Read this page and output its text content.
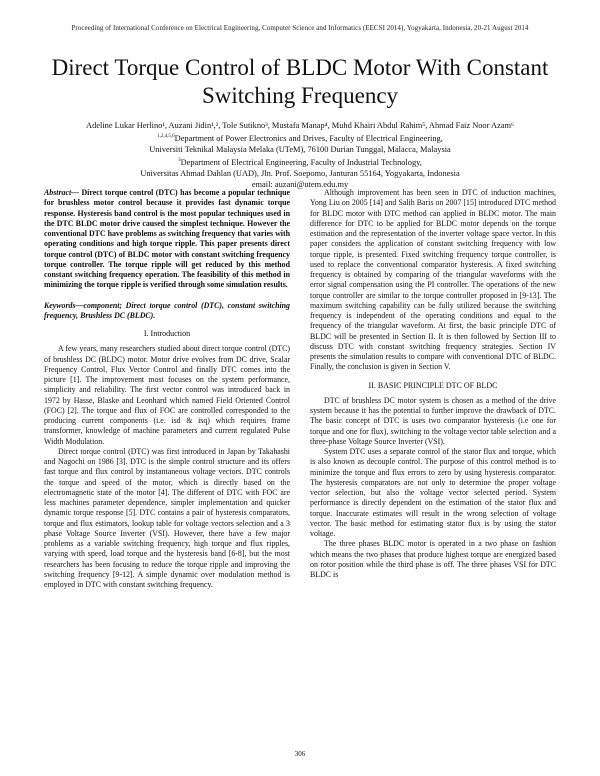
Proceeding of International Conference on Electrical Engineering, Computer Science and Informatics (EECSI 2014), Yogyakarta, Indonesia, 20-21 August 2014
Direct Torque Control of BLDC Motor With Constant Switching Frequency
Adeline Lukar Herlino¹, Auzani Jidin¹,², Tole Sutikno³, Mustafa Manap⁴, Muhd Khairi Abdul Rahim⁵, Ahmad Faiz Noor Azam⁶
$^{1,2,4,5,6}$Department of Power Electronics and Drives, Faculty of Electrical Engineering,
Universiti Teknikal Malaysia Melaka (UTeM), 76100 Durian Tunggal, Malacca, Malaysia
$^3$Department of Electrical Engineering, Faculty of Industrial Technology,
Universitas Ahmad Dahlan (UAD), Jln. Prof. Soepomo, Janturan 55164, Yogyakarta, Indonesia
email: auzani@utem.edu.my

Abstract— Direct torque control (DTC) has become a popular technique for brushless motor control because it provides fast dynamic torque response. Hysteresis band control is the most popular techniques used in the DTC BLDC motor drive caused the simplest technique. However the conventional DTC have problems as switching frequency that varies with operating conditions and high torque ripple. This paper presents direct torque control (DTC) of BLDC motor with constant switching frequency torque controller. The torque ripple will get reduced by this method constant switching frequency operation. The feasibility of this method in minimizing the torque ripple is verified through some simulation results.

Keywords—component; Direct torque control (DTC), constant switching frequency, Brushless DC (BLDC).

I. Introduction

A few years, many researchers studied about direct torque control (DTC) of brushless DC (BLDC) motor. Motor drive evolves from DC drive, Scalar Frequency Control, Flux Vector Control and finally DTC comes into the picture [1]. The improvement most focuses on the system performance, simplicity and reliability. The first vector control was introduced back in 1972 by Hasse, Blaske and Leonhard which named Field Oriented Control (FOC) [2]. The torque and flux of FOC are controlled corresponded to the producing current components (i.e. isd & isq) which requires frame transformer, knowledge of machine parameters and current regulated Pulse Width Modulation.

Direct torque control (DTC) was first introduced in Japan by Takahashi and Nagochi on 1986 [3]. DTC is the simple control structure and its offers fast torque and flux control by instantaneous voltage vectors. DTC controls the torque and speed of the motor, which is directly based on the electromagnetic state of the motor [4]. The different of DTC with FOC are less machines parameter dependence, simpler implementation and quicker dynamic torque response [5]. DTC contains a pair of hysteresis comparators, torque and flux estimators, lookup table for voltage vectors selection and a 3 phase Voltage Source Inverter (VSI). However, there have a few major problems as a variable switching frequency, high torque and flux ripples, varying with speed, load torque and the hysteresis band [6-8], but the most researchers has been focusing to reduce the torque ripple and improving the switching frequency [9-12]. A simple dynamic over modulation method is employed in DTC with constant switching frequency.

Although improvement has been seen in DTC of induction machines, Yong Liu on 2005 [14] and Salih Baris on 2007 [15] introduced DTC method for BLDC motor with DTC method can applied in BLDC motor. The main difference for DTC to be applied for BLDC motor depends on the torque estimation and the representation of the inverter voltage space vector. In this paper considers the application of constant switching frequency with low torque ripple, is presented. Fixed switching frequency torque controller, is used to replace the conventional comparator hysteresis. A fixed switching frequency is obtained by comparing of the triangular waveforms with the error signal compensation using the PI controller. The operations of the new torque controller are similar to the torque controller proposed in [9-13]. The maximum switching capability can be fully utilized because the switching frequency is independent of the operating conditions and equal to the frequency of the triangular waveform. At first, the basic principle DTC of BLDC will be presented in Section II. It is then followed by Section III to discuss DTC with constant switching frequency strategies. Section IV presents the simulation results to compare with conventional DTC of BLDC. Finally, the conclusion is given in Section V.

II. BASIC PRINCIPLE DTC OF BLDC

DTC of brushless DC motor system is chosen as a method of the drive system because it has the potential to further improve the drawback of DTC. The basic concept of DTC is uses two comparator hysteresis (i.e one for torque and one for flux), switching to the voltage vector table selection and a three-phase Voltage Source Inverter (VSI).

System DTC uses a separate control of the stator flux and torque, which is also known as decouple control. The purpose of this control method is to minimize the torque and flux errors to zero by using hysteresis comparator. The hysteresis comparators are not only to determine the proper voltage vector selection, but also the voltage vector selected period. System performance is directly dependent on the estimation of the stator flux and torque. Inaccurate estimates will result in the wrong selection of voltage vector. The basic method for estimating stator flux is by using the stator voltage.

The three phases BLDC motor is operated in a two phase on fashion which means the two phases that produce highest torque are energized based on rotor position while the third phase is off. The three phases VSI for DTC BLDC is

306
